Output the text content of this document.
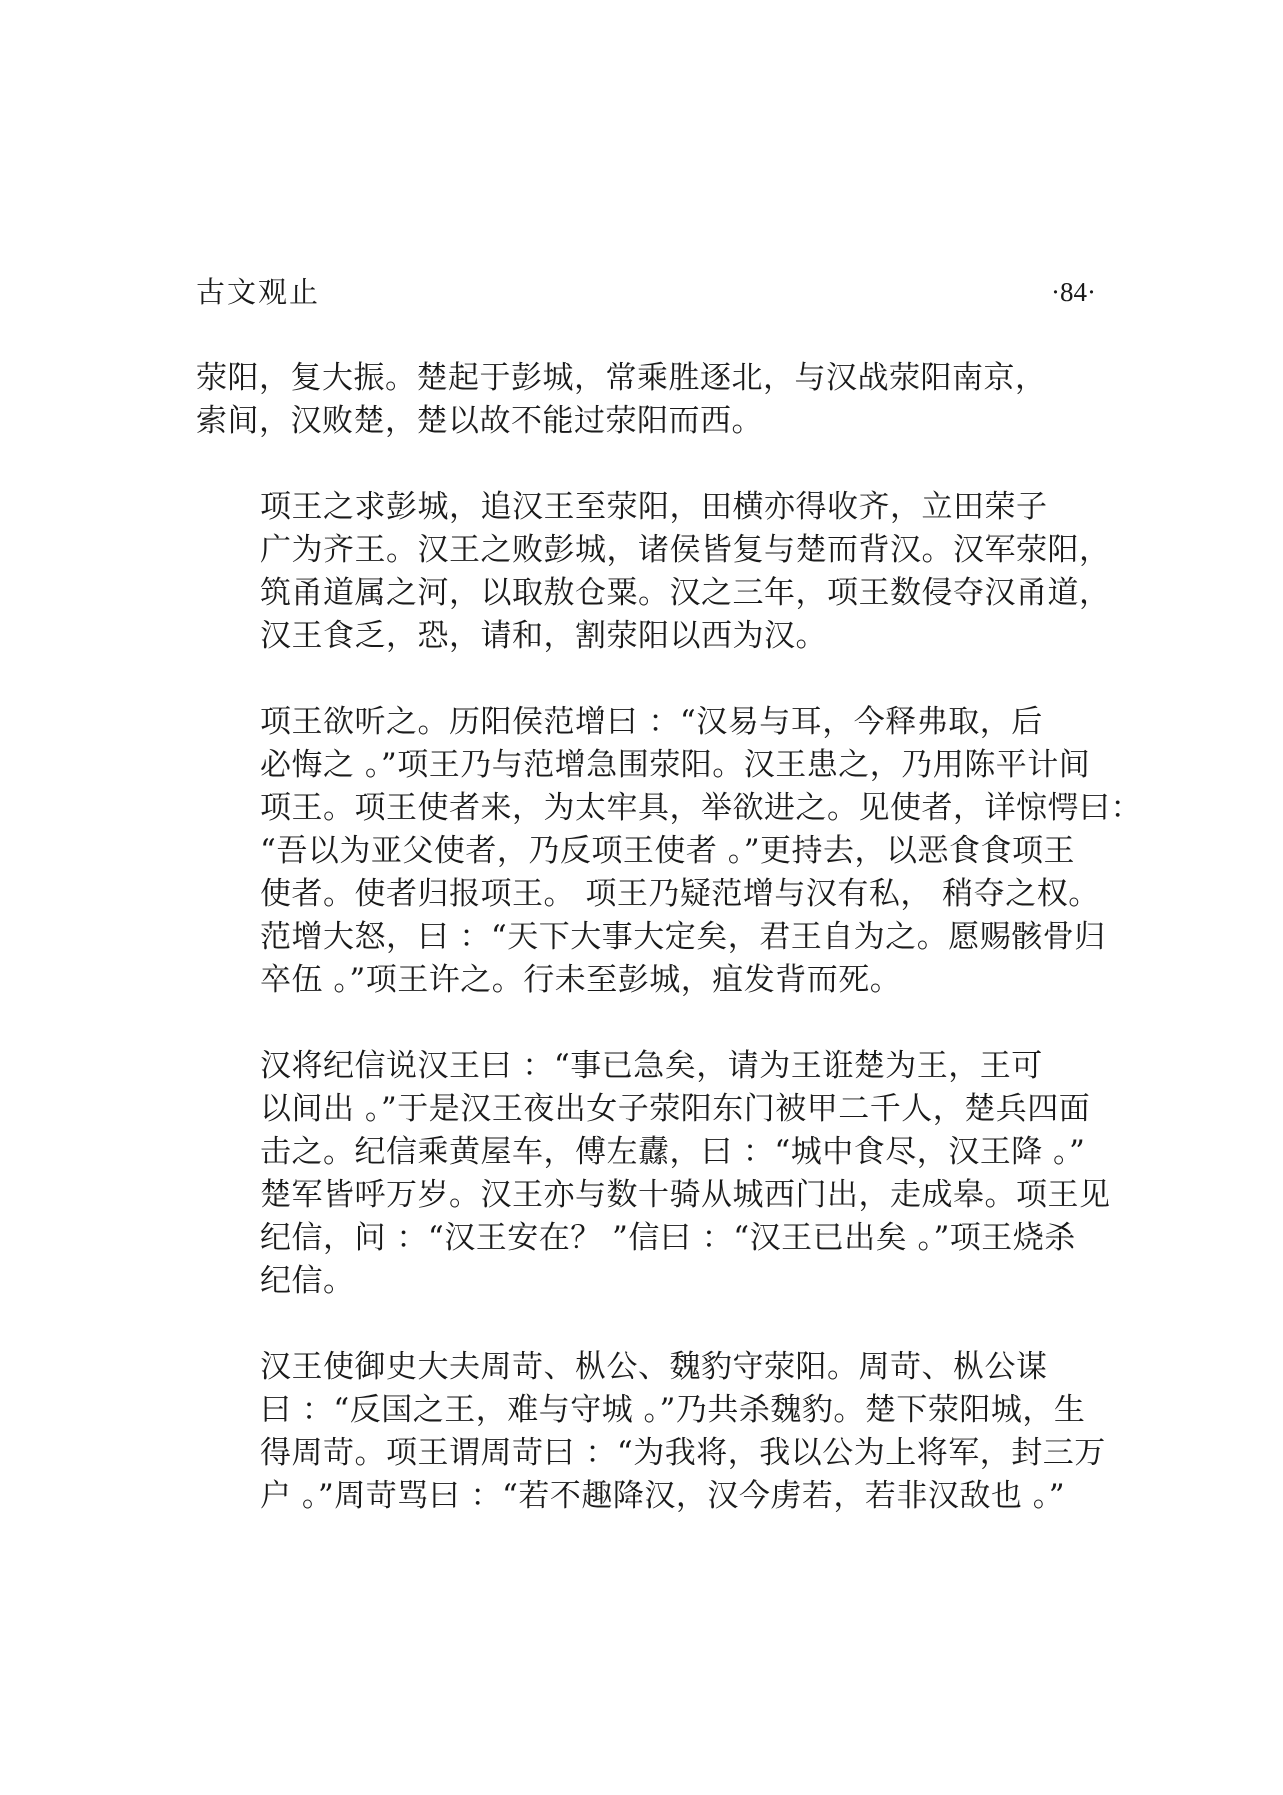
古文观止	·84·

荥阳，复大振。楚起于彭城，常乘胜逐北，与汉战荥阳南京，
索间，汉败楚，楚以故不能过荥阳而西。

项王之求彭城，追汉王至荥阳，田横亦得收齐，立田荣子
广为齐王。汉王之败彭城，诸侯皆复与楚而背汉。汉军荥阳，
筑甬道属之河，以取敖仓粟。汉之三年，项王数侵夺汉甬道，
汉王食乏，恐，请和，割荥阳以西为汉。

项王欲听之。历阳侯范增曰 ：“汉易与耳，今释弗取，后
必悔之 。”项王乃与范增急围荥阳。汉王患之，乃用陈平计间
项王。项王使者来，为太牢具，举欲进之。见使者，详惊愕曰：
“吾以为亚父使者，乃反项王使者 。”更持去，以恶食食项王
使者。使者归报项王。 项王乃疑范增与汉有私， 稍夺之权。
范增大怒，曰 ：“天下大事大定矣，君王自为之。愿赐骸骨归
卒伍 。”项王许之。行未至彭城，疽发背而死。

汉将纪信说汉王曰 ：“事已急矣，请为王诳楚为王，王可
以间出 。”于是汉王夜出女子荥阳东门被甲二千人，楚兵四面
击之。纪信乘黄屋车，傅左纛，曰 ：“城中食尽，汉王降 。”
楚军皆呼万岁。汉王亦与数十骑从城西门出，走成皋。项王见
纪信，问 ：“汉王安在？ ”信曰 ：“汉王已出矣 。”项王烧杀
纪信。

汉王使御史大夫周苛、枞公、魏豹守荥阳。周苛、枞公谋
曰 ：“反国之王，难与守城 。”乃共杀魏豹。楚下荥阳城，生
得周苛。项王谓周苛曰 ：“为我将，我以公为上将军，封三万
户 。”周苛骂曰 ：“若不趣降汉，汉今虏若，若非汉敌也 。”
